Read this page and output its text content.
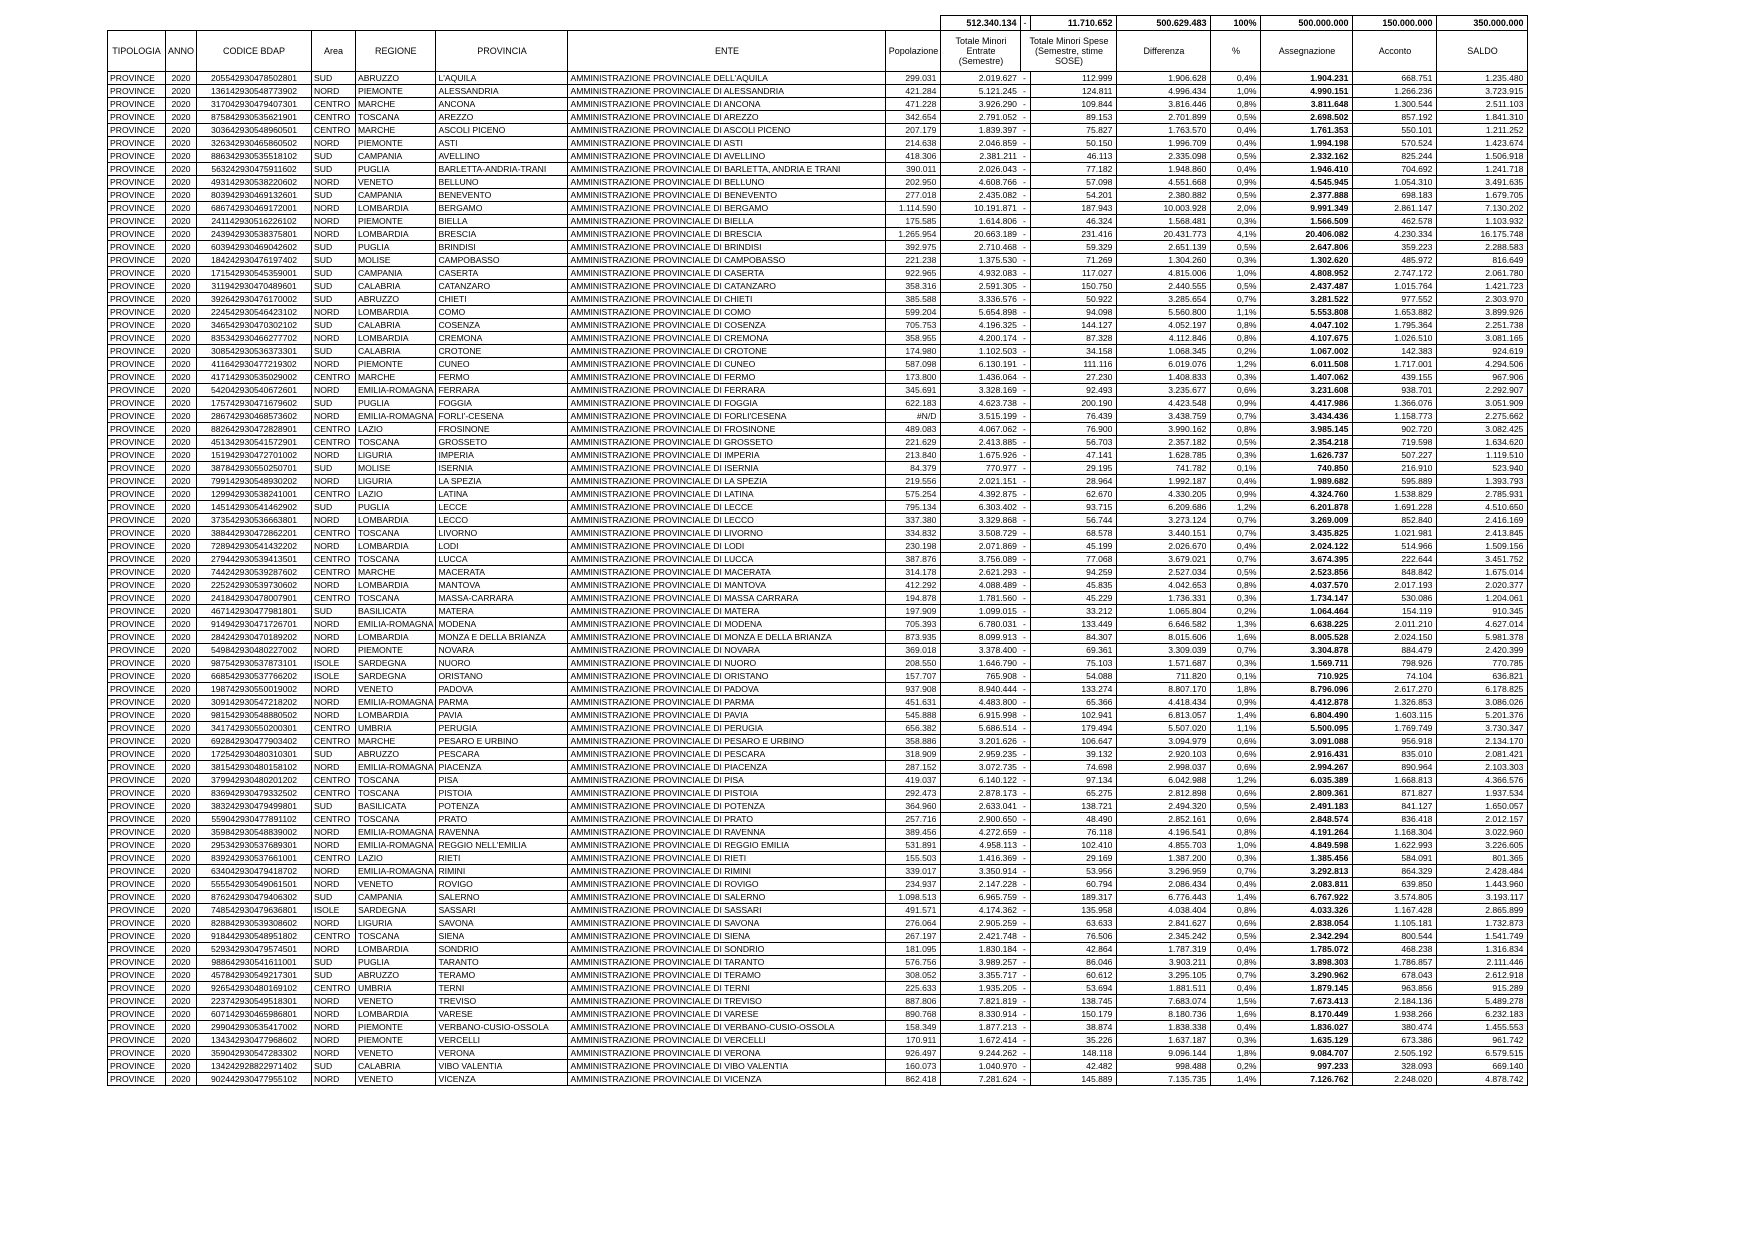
								512.340.134	-	11.710.652	500.629.483	100%	500.000.000	150.000.000	350.000.000
TIPOLOGIA	ANNO	CODICE BDAP	Area	REGIONE	PROVINCIA	ENTE	Popolazione	Totale Minori Entrate (Semestre)	Totale Minori Spese (Semestre, stime SOSE)		Differenza	%	Assegnazione	Acconto	SALDO
PROVINCE	2020	205542930478502801	SUD	ABRUZZO	L'AQUILA	AMMINISTRAZIONE PROVINCIALE DELL'AQUILA	299.031	2.019.627	-	112.999	1.906.628	0,4%	1.904.231	668.751	1.235.480
PROVINCE	2020	136142930548773902	NORD	PIEMONTE	ALESSANDRIA	AMMINISTRAZIONE PROVINCIALE DI ALESSANDRIA	421.284	5.121.245	-	124.811	4.996.434	1,0%	4.990.151	1.266.236	3.723.915
PROVINCE	2020	317042930479407301	CENTRO	MARCHE	ANCONA	AMMINISTRAZIONE PROVINCIALE DI ANCONA	471.228	3.926.290	-	109.844	3.816.446	0,8%	3.811.648	1.300.544	2.511.103
PROVINCE	2020	875842930535621901	CENTRO	TOSCANA	AREZZO	AMMINISTRAZIONE PROVINCIALE DI AREZZO	342.654	2.791.052	-	89.153	2.701.899	0,5%	2.698.502	857.192	1.841.310
PROVINCE	2020	303642930548960501	CENTRO	MARCHE	ASCOLI PICENO	AMMINISTRAZIONE PROVINCIALE DI ASCOLI PICENO	207.179	1.839.397	-	75.827	1.763.570	0,4%	1.761.353	550.101	1.211.252
PROVINCE	2020	326342930465860502	NORD	PIEMONTE	ASTI	AMMINISTRAZIONE PROVINCIALE DI ASTI	214.638	2.046.859	-	50.150	1.996.709	0,4%	1.994.198	570.524	1.423.674
PROVINCE	2020	886342930535518102	SUD	CAMPANIA	AVELLINO	AMMINISTRAZIONE PROVINCIALE DI AVELLINO	418.306	2.381.211	-	46.113	2.335.098	0,5%	2.332.162	825.244	1.506.918
PROVINCE	2020	563242930475911602	SUD	PUGLIA	BARLETTA-ANDRIA-TRANI	AMMINISTRAZIONE PROVINCIALE DI BARLETTA, ANDRIA E TRANI	390.011	2.026.043	-	77.182	1.948.860	0,4%	1.946.410	704.692	1.241.718
PROVINCE	2020	493142930538220602	NORD	VENETO	BELLUNO	AMMINISTRAZIONE PROVINCIALE DI BELLUNO	202.950	4.608.766	-	57.098	4.551.668	0,9%	4.545.945	1.054.310	3.491.635
PROVINCE	2020	803942930469132601	SUD	CAMPANIA	BENEVENTO	AMMINISTRAZIONE PROVINCIALE DI BENEVENTO	277.018	2.435.082	-	54.201	2.380.882	0,5%	2.377.888	698.183	1.679.705
PROVINCE	2020	686742930469172001	NORD	LOMBARDIA	BERGAMO	AMMINISTRAZIONE PROVINCIALE DI BERGAMO	1.114.590	10.191.871	-	187.943	10.003.928	2,0%	9.991.349	2.861.147	7.130.202
PROVINCE	2020	241142930516226102	NORD	PIEMONTE	BIELLA	AMMINISTRAZIONE PROVINCIALE DI BIELLA	175.585	1.614.806	-	46.324	1.568.481	0,3%	1.566.509	462.578	1.103.932
PROVINCE	2020	243942930538375801	NORD	LOMBARDIA	BRESCIA	AMMINISTRAZIONE PROVINCIALE DI BRESCIA	1.265.954	20.663.189	-	231.416	20.431.773	4,1%	20.406.082	4.230.334	16.175.748
PROVINCE	2020	603942930469042602	SUD	PUGLIA	BRINDISI	AMMINISTRAZIONE PROVINCIALE DI BRINDISI	392.975	2.710.468	-	59.329	2.651.139	0,5%	2.647.806	359.223	2.288.583
PROVINCE	2020	184242930476197402	SUD	MOLISE	CAMPOBASSO	AMMINISTRAZIONE PROVINCIALE DI CAMPOBASSO	221.238	1.375.530	-	71.269	1.304.260	0,3%	1.302.620	485.972	816.649
PROVINCE	2020	171542930545359001	SUD	CAMPANIA	CASERTA	AMMINISTRAZIONE PROVINCIALE DI CASERTA	922.965	4.932.083	-	117.027	4.815.006	1,0%	4.808.952	2.747.172	2.061.780
PROVINCE	2020	311942930470489601	SUD	CALABRIA	CATANZARO	AMMINISTRAZIONE PROVINCIALE DI CATANZARO	358.316	2.591.305	-	150.750	2.440.555	0,5%	2.437.487	1.015.764	1.421.723
PROVINCE	2020	392642930476170002	SUD	ABRUZZO	CHIETI	AMMINISTRAZIONE PROVINCIALE DI CHIETI	385.588	3.336.576	-	50.922	3.285.654	0,7%	3.281.522	977.552	2.303.970
PROVINCE	2020	224542930546423102	NORD	LOMBARDIA	COMO	AMMINISTRAZIONE PROVINCIALE DI COMO	599.204	5.654.898	-	94.098	5.560.800	1,1%	5.553.808	1.653.882	3.899.926
PROVINCE	2020	346542930470302102	SUD	CALABRIA	COSENZA	AMMINISTRAZIONE PROVINCIALE DI COSENZA	705.753	4.196.325	-	144.127	4.052.197	0,8%	4.047.102	1.795.364	2.251.738
PROVINCE	2020	835342930466277702	NORD	LOMBARDIA	CREMONA	AMMINISTRAZIONE PROVINCIALE DI CREMONA	358.955	4.200.174	-	87.328	4.112.846	0,8%	4.107.675	1.026.510	3.081.165
PROVINCE	2020	308542930536373301	SUD	CALABRIA	CROTONE	AMMINISTRAZIONE PROVINCIALE DI CROTONE	174.980	1.102.503	-	34.158	1.068.345	0,2%	1.067.002	142.383	924.619
PROVINCE	2020	411642930477219302	NORD	PIEMONTE	CUNEO	AMMINISTRAZIONE PROVINCIALE DI CUNEO	587.098	6.130.191	-	111.116	6.019.076	1,2%	6.011.508	1.717.001	4.294.506
PROVINCE	2020	417142930535029002	CENTRO	MARCHE	FERMO	AMMINISTRAZIONE PROVINCIALE DI FERMO	173.800	1.436.064	-	27.230	1.408.833	0,3%	1.407.062	439.155	967.906
PROVINCE	2020	542042930540672601	NORD	EMILIA-ROMAGNA	FERRARA	AMMINISTRAZIONE PROVINCIALE DI FERRARA	345.691	3.328.169	-	92.493	3.235.677	0,6%	3.231.608	938.701	2.292.907
PROVINCE	2020	175742930471679602	SUD	PUGLIA	FOGGIA	AMMINISTRAZIONE PROVINCIALE DI FOGGIA	622.183	4.623.738	-	200.190	4.423.548	0,9%	4.417.986	1.366.076	3.051.909
PROVINCE	2020	286742930468573602	NORD	EMILIA-ROMAGNA	FORLI'-CESENA	AMMINISTRAZIONE PROVINCIALE DI FORLI'CESENA	#N/D	3.515.199	-	76.439	3.438.759	0,7%	3.434.436	1.158.773	2.275.662
PROVINCE	2020	882642930472828901	CENTRO	LAZIO	FROSINONE	AMMINISTRAZIONE PROVINCIALE DI FROSINONE	489.083	4.067.062	-	76.900	3.990.162	0,8%	3.985.145	902.720	3.082.425
PROVINCE	2020	451342930541572901	CENTRO	TOSCANA	GROSSETO	AMMINISTRAZIONE PROVINCIALE DI GROSSETO	221.629	2.413.885	-	56.703	2.357.182	0,5%	2.354.218	719.598	1.634.620
PROVINCE	2020	151942930472701002	NORD	LIGURIA	IMPERIA	AMMINISTRAZIONE PROVINCIALE DI IMPERIA	213.840	1.675.926	-	47.141	1.628.785	0,3%	1.626.737	507.227	1.119.510
PROVINCE	2020	387842930550250701	SUD	MOLISE	ISERNIA	AMMINISTRAZIONE PROVINCIALE DI ISERNIA	84.379	770.977	-	29.195	741.782	0,1%	740.850	216.910	523.940
PROVINCE	2020	799142930548930202	NORD	LIGURIA	LA SPEZIA	AMMINISTRAZIONE PROVINCIALE DI LA SPEZIA	219.556	2.021.151	-	28.964	1.992.187	0,4%	1.989.682	595.889	1.393.793
PROVINCE	2020	129942930538241001	CENTRO	LAZIO	LATINA	AMMINISTRAZIONE PROVINCIALE DI LATINA	575.254	4.392.875	-	62.670	4.330.205	0,9%	4.324.760	1.538.829	2.785.931
PROVINCE	2020	145142930541462902	SUD	PUGLIA	LECCE	AMMINISTRAZIONE PROVINCIALE DI LECCE	795.134	6.303.402	-	93.715	6.209.686	1,2%	6.201.878	1.691.228	4.510.650
PROVINCE	2020	373542930536663801	NORD	LOMBARDIA	LECCO	AMMINISTRAZIONE PROVINCIALE DI LECCO	337.380	3.329.868	-	56.744	3.273.124	0,7%	3.269.009	852.840	2.416.169
PROVINCE	2020	388442930472862201	CENTRO	TOSCANA	LIVORNO	AMMINISTRAZIONE PROVINCIALE DI LIVORNO	334.832	3.508.729	-	68.578	3.440.151	0,7%	3.435.825	1.021.981	2.413.845
PROVINCE	2020	728942930541432202	NORD	LOMBARDIA	LODI	AMMINISTRAZIONE PROVINCIALE DI LODI	230.198	2.071.869	-	45.199	2.026.670	0,4%	2.024.122	514.966	1.509.156
PROVINCE	2020	279442930539413501	CENTRO	TOSCANA	LUCCA	AMMINISTRAZIONE PROVINCIALE DI LUCCA	387.876	3.756.089	-	77.068	3.679.021	0,7%	3.674.395	222.644	3.451.752
PROVINCE	2020	744242930539287602	CENTRO	MARCHE	MACERATA	AMMINISTRAZIONE PROVINCIALE DI MACERATA	314.178	2.621.293	-	94.259	2.527.034	0,5%	2.523.856	848.842	1.675.014
PROVINCE	2020	225242930539730602	NORD	LOMBARDIA	MANTOVA	AMMINISTRAZIONE PROVINCIALE DI MANTOVA	412.292	4.088.489	-	45.835	4.042.653	0,8%	4.037.570	2.017.193	2.020.377
PROVINCE	2020	241842930478007901	CENTRO	TOSCANA	MASSA-CARRARA	AMMINISTRAZIONE PROVINCIALE DI MASSA CARRARA	194.878	1.781.560	-	45.229	1.736.331	0,3%	1.734.147	530.086	1.204.061
PROVINCE	2020	467142930477981801	SUD	BASILICATA	MATERA	AMMINISTRAZIONE PROVINCIALE DI MATERA	197.909	1.099.015	-	33.212	1.065.804	0,2%	1.064.464	154.119	910.345
PROVINCE	2020	914942930471726701	NORD	EMILIA-ROMAGNA	MODENA	AMMINISTRAZIONE PROVINCIALE DI MODENA	705.393	6.780.031	-	133.449	6.646.582	1,3%	6.638.225	2.011.210	4.627.014
PROVINCE	2020	284242930470189202	NORD	LOMBARDIA	MONZA E DELLA BRIANZA	AMMINISTRAZIONE PROVINCIALE DI MONZA E DELLA BRIANZA	873.935	8.099.913	-	84.307	8.015.606	1,6%	8.005.528	2.024.150	5.981.378
PROVINCE	2020	549842930480227002	NORD	PIEMONTE	NOVARA	AMMINISTRAZIONE PROVINCIALE DI NOVARA	369.018	3.378.400	-	69.361	3.309.039	0,7%	3.304.878	884.479	2.420.399
PROVINCE	2020	987542930537873101	ISOLE	SARDEGNA	NUORO	AMMINISTRAZIONE PROVINCIALE DI NUORO	208.550	1.646.790	-	75.103	1.571.687	0,3%	1.569.711	798.926	770.785
PROVINCE	2020	668542930537766202	ISOLE	SARDEGNA	ORISTANO	AMMINISTRAZIONE PROVINCIALE DI ORISTANO	157.707	765.908	-	54.088	711.820	0,1%	710.925	74.104	636.821
PROVINCE	2020	198742930550019002	NORD	VENETO	PADOVA	AMMINISTRAZIONE PROVINCIALE DI PADOVA	937.908	8.940.444	-	133.274	8.807.170	1,8%	8.796.096	2.617.270	6.178.825
PROVINCE	2020	309142930547218202	NORD	EMILIA-ROMAGNA	PARMA	AMMINISTRAZIONE PROVINCIALE DI PARMA	451.631	4.483.800	-	65.366	4.418.434	0,9%	4.412.878	1.326.853	3.086.026
PROVINCE	2020	981542930548880502	NORD	LOMBARDIA	PAVIA	AMMINISTRAZIONE PROVINCIALE DI PAVIA	545.888	6.915.998	-	102.941	6.813.057	1,4%	6.804.490	1.603.115	5.201.376
PROVINCE	2020	341742930550200301	CENTRO	UMBRIA	PERUGIA	AMMINISTRAZIONE PROVINCIALE DI PERUGIA	656.382	5.686.514	-	179.494	5.507.020	1,1%	5.500.095	1.769.749	3.730.347
PROVINCE	2020	692842930477903402	CENTRO	MARCHE	PESARO E URBINO	AMMINISTRAZIONE PROVINCIALE DI PESARO E URBINO	358.886	3.201.626	-	106.647	3.094.979	0,6%	3.091.088	956.918	2.134.170
PROVINCE	2020	172542930480310301	SUD	ABRUZZO	PESCARA	AMMINISTRAZIONE PROVINCIALE DI PESCARA	318.909	2.959.235	-	39.132	2.920.103	0,6%	2.916.431	835.010	2.081.421
PROVINCE	2020	381542930480158102	NORD	EMILIA-ROMAGNA	PIACENZA	AMMINISTRAZIONE PROVINCIALE DI PIACENZA	287.152	3.072.735	-	74.698	2.998.037	0,6%	2.994.267	890.964	2.103.303
PROVINCE	2020	379942930480201202	CENTRO	TOSCANA	PISA	AMMINISTRAZIONE PROVINCIALE DI PISA	419.037	6.140.122	-	97.134	6.042.988	1,2%	6.035.389	1.668.813	4.366.576
PROVINCE	2020	836942930479332502	CENTRO	TOSCANA	PISTOIA	AMMINISTRAZIONE PROVINCIALE DI PISTOIA	292.473	2.878.173	-	65.275	2.812.898	0,6%	2.809.361	871.827	1.937.534
PROVINCE	2020	383242930479499801	SUD	BASILICATA	POTENZA	AMMINISTRAZIONE PROVINCIALE DI POTENZA	364.960	2.633.041	-	138.721	2.494.320	0,5%	2.491.183	841.127	1.650.057
PROVINCE	2020	559042930477891102	CENTRO	TOSCANA	PRATO	AMMINISTRAZIONE PROVINCIALE DI PRATO	257.716	2.900.650	-	48.490	2.852.161	0,6%	2.848.574	836.418	2.012.157
PROVINCE	2020	359842930548839002	NORD	EMILIA-ROMAGNA	RAVENNA	AMMINISTRAZIONE PROVINCIALE DI RAVENNA	389.456	4.272.659	-	76.118	4.196.541	0,8%	4.191.264	1.168.304	3.022.960
PROVINCE	2020	295342930537689301	NORD	EMILIA-ROMAGNA	REGGIO NELL'EMILIA	AMMINISTRAZIONE PROVINCIALE DI REGGIO EMILIA	531.891	4.958.113	-	102.410	4.855.703	1,0%	4.849.598	1.622.993	3.226.605
PROVINCE	2020	839242930537661001	CENTRO	LAZIO	RIETI	AMMINISTRAZIONE PROVINCIALE DI RIETI	155.503	1.416.369	-	29.169	1.387.200	0,3%	1.385.456	584.091	801.365
PROVINCE	2020	634042930479418702	NORD	EMILIA-ROMAGNA	RIMINI	AMMINISTRAZIONE PROVINCIALE DI RIMINI	339.017	3.350.914	-	53.956	3.296.959	0,7%	3.292.813	864.329	2.428.484
PROVINCE	2020	555542930549061501	NORD	VENETO	ROVIGO	AMMINISTRAZIONE PROVINCIALE DI ROVIGO	234.937	2.147.228	-	60.794	2.086.434	0,4%	2.083.811	639.850	1.443.960
PROVINCE	2020	876242930479406302	SUD	CAMPANIA	SALERNO	AMMINISTRAZIONE PROVINCIALE DI SALERNO	1.098.513	6.965.759	-	189.317	6.776.443	1,4%	6.767.922	3.574.805	3.193.117
PROVINCE	2020	748542930479636801	ISOLE	SARDEGNA	SASSARI	AMMINISTRAZIONE PROVINCIALE DI SASSARI	491.571	4.174.362	-	135.958	4.038.404	0,8%	4.033.326	1.167.428	2.865.899
PROVINCE	2020	828842930539308602	NORD	LIGURIA	SAVONA	AMMINISTRAZIONE PROVINCIALE DI SAVONA	276.064	2.905.259	-	63.633	2.841.627	0,6%	2.838.054	1.105.181	1.732.873
PROVINCE	2020	918442930548951802	CENTRO	TOSCANA	SIENA	AMMINISTRAZIONE PROVINCIALE DI SIENA	267.197	2.421.748	-	76.506	2.345.242	0,5%	2.342.294	800.544	1.541.749
PROVINCE	2020	529342930479574501	NORD	LOMBARDIA	SONDRIO	AMMINISTRAZIONE PROVINCIALE DI SONDRIO	181.095	1.830.184	-	42.864	1.787.319	0,4%	1.785.072	468.238	1.316.834
PROVINCE	2020	988642930541611001	SUD	PUGLIA	TARANTO	AMMINISTRAZIONE PROVINCIALE DI TARANTO	576.756	3.989.257	-	86.046	3.903.211	0,8%	3.898.303	1.786.857	2.111.446
PROVINCE	2020	457842930549217301	SUD	ABRUZZO	TERAMO	AMMINISTRAZIONE PROVINCIALE DI TERAMO	308.052	3.355.717	-	60.612	3.295.105	0,7%	3.290.962	678.043	2.612.918
PROVINCE	2020	926542930480169102	CENTRO	UMBRIA	TERNI	AMMINISTRAZIONE PROVINCIALE DI TERNI	225.633	1.935.205	-	53.694	1.881.511	0,4%	1.879.145	963.856	915.289
PROVINCE	2020	223742930549518301	NORD	VENETO	TREVISO	AMMINISTRAZIONE PROVINCIALE DI TREVISO	887.806	7.821.819	-	138.745	7.683.074	1,5%	7.673.413	2.184.136	5.489.278
PROVINCE	2020	607142930465986801	NORD	LOMBARDIA	VARESE	AMMINISTRAZIONE PROVINCIALE DI VARESE	890.768	8.330.914	-	150.179	8.180.736	1,6%	8.170.449	1.938.266	6.232.183
PROVINCE	2020	299042930535417002	NORD	PIEMONTE	VERBANO-CUSIO-OSSOLA	AMMINISTRAZIONE PROVINCIALE DI VERBANO-CUSIO-OSSOLA	158.349	1.877.213	-	38.874	1.838.338	0,4%	1.836.027	380.474	1.455.553
PROVINCE	2020	134342930477968602	NORD	PIEMONTE	VERCELLI	AMMINISTRAZIONE PROVINCIALE DI VERCELLI	170.911	1.672.414	-	35.226	1.637.187	0,3%	1.635.129	673.386	961.742
PROVINCE	2020	359042930547283302	NORD	VENETO	VERONA	AMMINISTRAZIONE PROVINCIALE DI VERONA	926.497	9.244.262	-	148.118	9.096.144	1,8%	9.084.707	2.505.192	6.579.515
PROVINCE	2020	134242928822971402	SUD	CALABRIA	VIBO VALENTIA	AMMINISTRAZIONE PROVINCIALE DI VIBO VALENTIA	160.073	1.040.970	-	42.482	998.488	0,2%	997.233	328.093	669.140
PROVINCE	2020	902442930477955102	NORD	VENETO	VICENZA	AMMINISTRAZIONE PROVINCIALE DI VICENZA	862.418	7.281.624	-	145.889	7.135.735	1,4%	7.126.762	2.248.020	4.878.742
